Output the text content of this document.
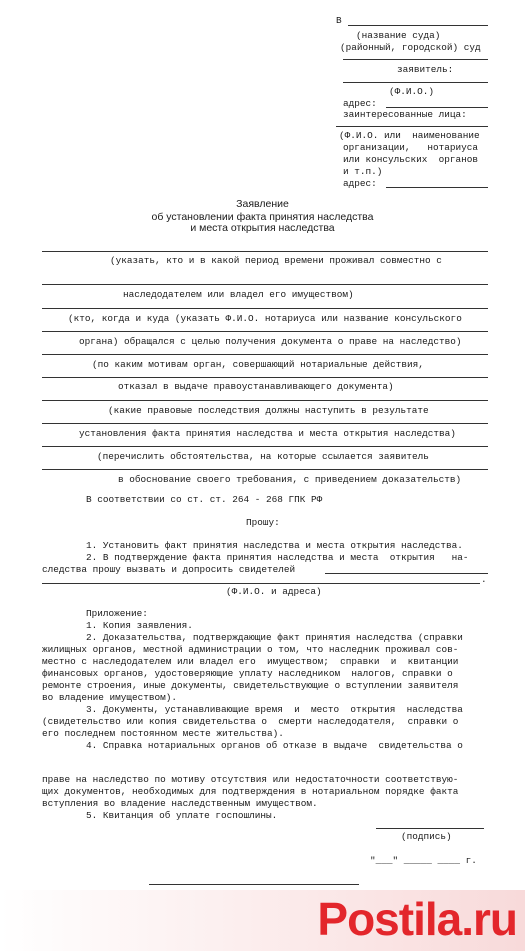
В
(название суда)
(районный, городской) суд
заявитель:
(Ф.И.О.)
адрес:
заинтересованные лица:
(Ф.И.О. или  наименование
организации,   нотариуса
или консульских  органов
и т.п.)
адрес:
Заявление
об установлении факта принятия наследства
и места открытия наследства
(указать, кто и в какой период времени проживал совместно с
наследодателем или владел его имуществом)
(кто, когда и куда (указать Ф.И.О. нотариуса или название консульского
органа) обращался с целью получения документа о праве на наследство)
(по каким мотивам орган, совершающий нотариальные действия,
отказал в выдаче правоустанавливающего документа)
(какие правовые последствия должны наступить в результате
установления факта принятия наследства и места открытия наследства)
(перечислить обстоятельства, на которые ссылается заявитель
в обоснование своего требования, с приведением доказательств)
В соответствии со ст. ст. 264 - 268 ГПК РФ
Прошу:
1. Установить факт принятия наследства и места открытия наследства.
2. В подтверждение факта принятия наследства и места  открытия   на-
следства прошу вызвать и допросить свидетелей
.
(Ф.И.О. и адреса)
Приложение:
1. Копия заявления.
2. Доказательства, подтверждающие факт принятия наследства (справки
жилищных органов, местной администрации о том, что наследник проживал сов-
местно с наследодателем или владел его  имуществом;  справки  и  квитанции
финансовых органов, удостоверяющие уплату наследником  налогов, справки о
ремонте строения, иные документы, свидетельствующие о вступлении заявителя
во владение имуществом).
3. Документы, устанавливающие время  и  место  открытия  наследства
(свидетельство или копия свидетельства о  смерти наследодателя,  справки о
его последнем постоянном месте жительства).
4. Справка нотариальных органов об отказе в выдаче  свидетельства о
праве на наследство по мотиву отсутствия или недостаточности соответствую-
щих документов, необходимых для подтверждения в нотариальном порядке факта
вступления во владение наследственным имуществом.
5. Квитанция об уплате госпошлины.
(подпись)
"___" _____ ____ г.
Postila.ru
